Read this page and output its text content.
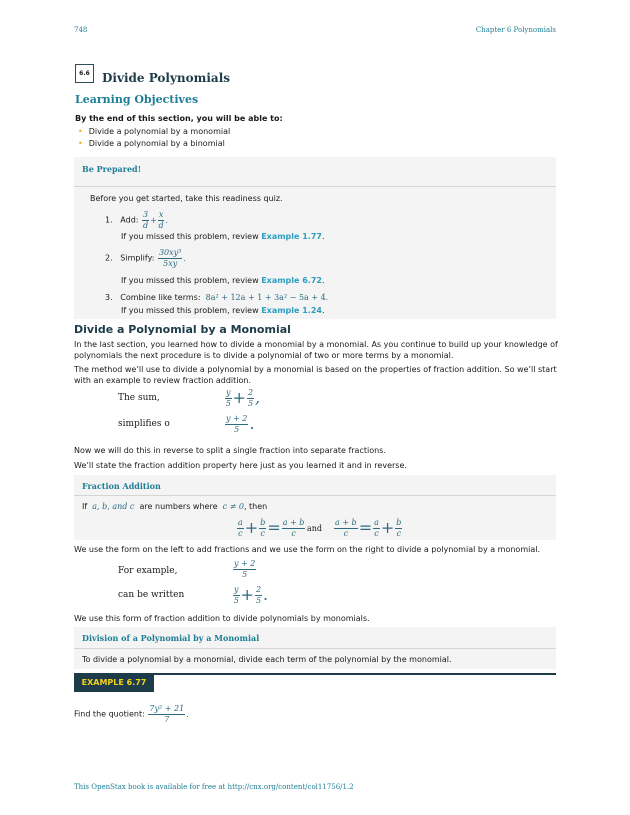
748	Chapter 6 Polynomials
6.6	Divide Polynomials
Learning Objectives
By the end of this section, you will be able to:
• Divide a polynomial by a monomial
• Divide a polynomial by a binomial
Be Prepared!
Before you get started, take this readiness quiz.
1. Add: $\frac{3}{d} + \frac{x}{d}$ .
If you missed this problem, review Example 1.77.
2. Simplify: $\frac{\text{30xy³}}{5xy}$ .
If you missed this problem, review Example 6.72.
3. Combine like terms: 8a² + 12a + 1 + 3a² − 5a + 4.
If you missed this problem, review Example 1.24.
Divide a Polynomial by a Monomial
In the last section, you learned how to divide a monomial by a monomial. As you continue to build up your knowledge of polynomials the next procedure is to divide a polynomial of two or more terms by a monomial.
The method we’ll use to divide a polynomial by a monomial is based on the properties of fraction addition. So we’ll start with an example to review fraction addition.
The sum,	$\frac{y}{5} + \frac{2}{5}$ ,
simplifies o	$\frac{y + 2}{5}$ .
Now we will do this in reverse to split a single fraction into separate fractions.
We’ll state the fraction addition property here just as you learned it and in reverse.
Fraction Addition
If a, b, and c are numbers where c ≠ 0, then
$\frac{a}{c} + \frac{b}{c} = \frac{a + b}{c}$ and $\frac{a + b}{c} = \frac{a}{c} + \frac{b}{c}$
We use the form on the left to add fractions and we use the form on the right to divide a polynomial by a monomial.
For example,	$\frac{y + 2}{5}$
can be written	$\frac{y}{5} + \frac{2}{5}$ .
We use this form of fraction addition to divide polynomials by monomials.
Division of a Polynomial by a Monomial
To divide a polynomial by a monomial, divide each term of the polynomial by the monomial.
EXAMPLE 6.77
Find the quotient: $\frac{\text{7y² + 21}}{7}$ .
This OpenStax book is available for free at http://cnx.org/content/col11756/1.2
